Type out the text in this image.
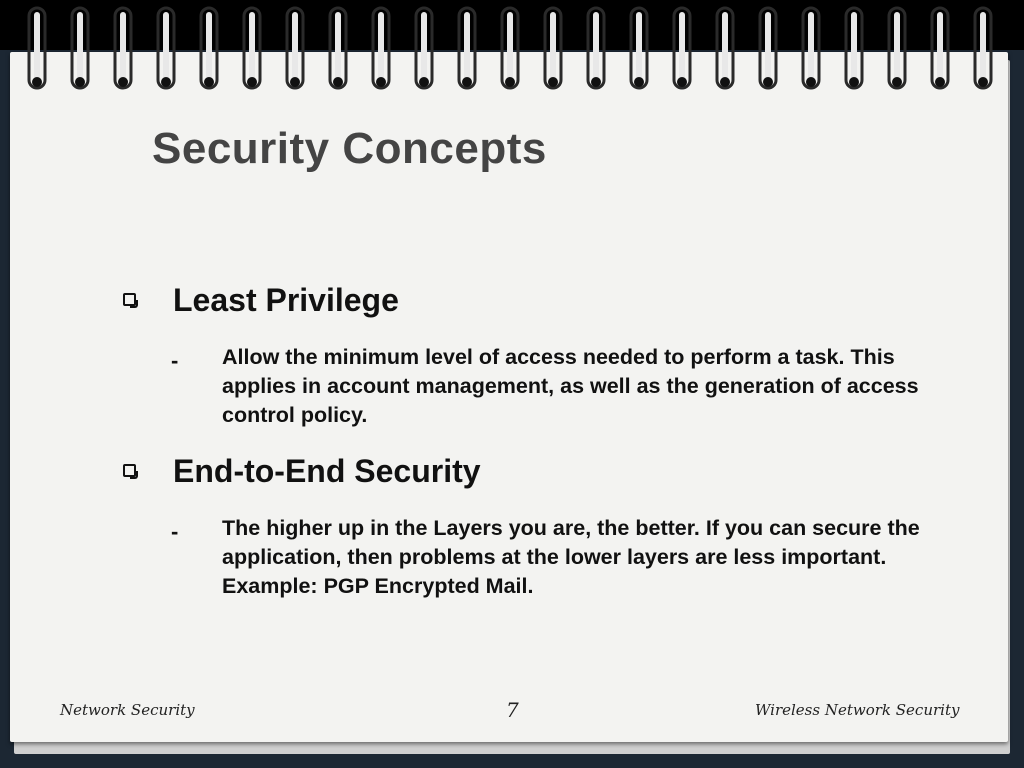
Security Concepts
Least Privilege
- Allow the minimum level of access needed to perform a task. This applies in account management, as well as the generation of access control policy.
End-to-End Security
- The higher up in the Layers you are, the better. If you can secure the application, then problems at the lower layers are less important. Example: PGP Encrypted Mail.
Network Security	7	Wireless Network Security
